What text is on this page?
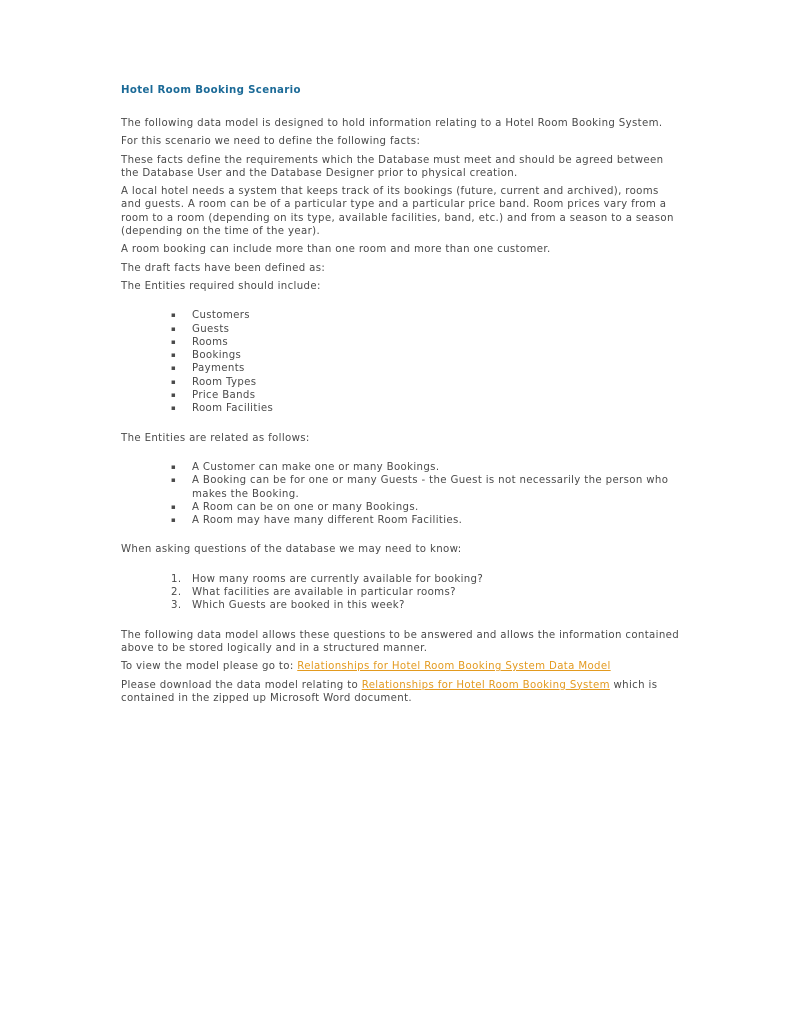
Hotel Room Booking Scenario

The following data model is designed to hold information relating to a Hotel Room Booking System.

For this scenario we need to define the following facts:

These facts define the requirements which the Database must meet and should be agreed between the Database User and the Database Designer prior to physical creation.

A local hotel needs a system that keeps track of its bookings (future, current and archived), rooms and guests. A room can be of a particular type and a particular price band. Room prices vary from a room to a room (depending on its type, available facilities, band, etc.) and from a season to a season (depending on the time of the year).

A room booking can include more than one room and more than one customer.

The draft facts have been defined as:

The Entities required should include:

▪ Customers
▪ Guests
▪ Rooms
▪ Bookings
▪ Payments
▪ Room Types
▪ Price Bands
▪ Room Facilities

The Entities are related as follows:

▪ A Customer can make one or many Bookings.
▪ A Booking can be for one or many Guests - the Guest is not necessarily the person who makes the Booking.
▪ A Room can be on one or many Bookings.
▪ A Room may have many different Room Facilities.

When asking questions of the database we may need to know:

1. How many rooms are currently available for booking?
2. What facilities are available in particular rooms?
3. Which Guests are booked in this week?

The following data model allows these questions to be answered and allows the information contained above to be stored logically and in a structured manner.

To view the model please go to: Relationships for Hotel Room Booking System Data Model

Please download the data model relating to Relationships for Hotel Room Booking System which is contained in the zipped up Microsoft Word document.
